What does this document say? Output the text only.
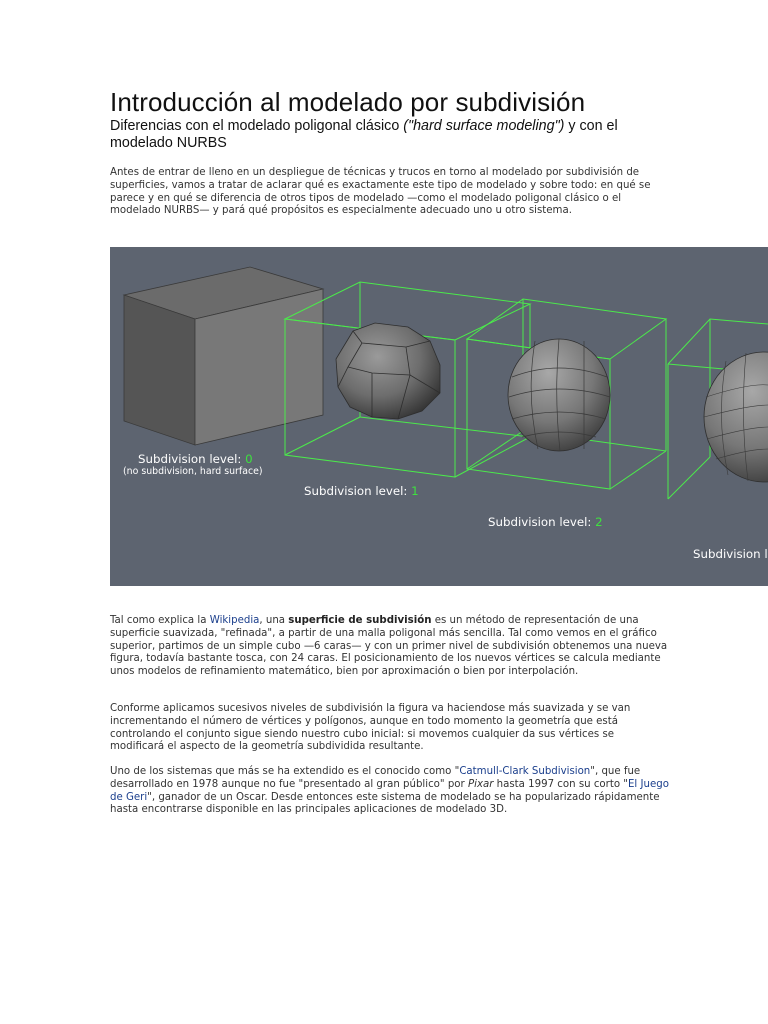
Introducción al modelado por subdivisión

Diferencias con el modelado poligonal clásico ("hard surface modeling") y con el modelado NURBS

Antes de entrar de lleno en un despliegue de técnicas y trucos en torno al modelado por subdivisión de superficies, vamos a tratar de aclarar qué es exactamente este tipo de modelado y sobre todo: en qué se parece y en qué se diferencia de otros tipos de modelado —como el modelado poligonal clásico o el modelado NURBS— y pará qué propósitos es especialmente adecuado uno u otro sistema.

Subdivision level: 0
(no subdivision, hard surface)
Subdivision level: 1
Subdivision level: 2
Subdivision l

Tal como explica la Wikipedia, una superficie de subdivisión es un método de representación de una superficie suavizada, "refinada", a partir de una malla poligonal más sencilla. Tal como vemos en el gráfico superior, partimos de un simple cubo —6 caras— y con un primer nivel de subdivisión obtenemos una nueva figura, todavía bastante tosca, con 24 caras. El posicionamiento de los nuevos vértices se calcula mediante unos modelos de refinamiento matemático, bien por aproximación o bien por interpolación.

Conforme aplicamos sucesivos niveles de subdivisión la figura va haciendose más suavizada y se van incrementando el número de vértices y polígonos, aunque en todo momento la geometría que está controlando el conjunto sigue siendo nuestro cubo inicial: si movemos cualquier da sus vértices se modificará el aspecto de la geometría subdividida resultante.

Uno de los sistemas que más se ha extendido es el conocido como "Catmull-Clark Subdivision", que fue desarrollado en 1978 aunque no fue "presentado al gran público" por Pixar hasta 1997 con su corto "El Juego de Geri", ganador de un Oscar. Desde entonces este sistema de modelado se ha popularizado rápidamente hasta encontrarse disponible en las principales aplicaciones de modelado 3D.
